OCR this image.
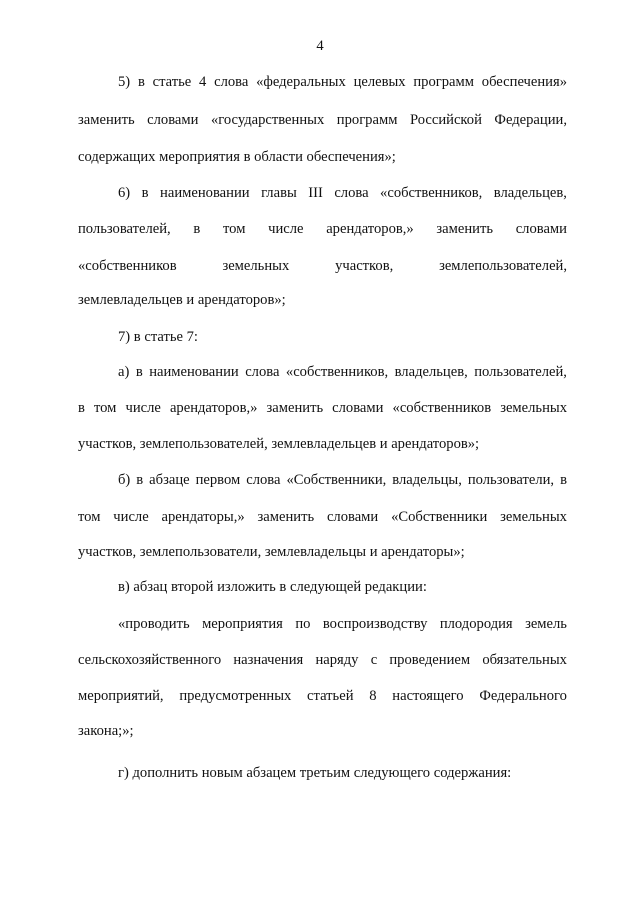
4
5) в статье 4 слова «федеральных целевых программ обеспечения»
заменить словами «государственных программ Российской Федерации,
содержащих мероприятия в области обеспечения»;
6) в наименовании главы III слова «собственников, владельцев,
пользователей, в том числе арендаторов,» заменить словами
«собственников	земельных	участков,	землепользователей,
землевладельцев и арендаторов»;
7) в статье 7:
а) в наименовании слова «собственников, владельцев, пользователей,
в том числе арендаторов,» заменить словами «собственников земельных
участков, землепользователей, землевладельцев и арендаторов»;
б) в абзаце первом слова «Собственники, владельцы, пользователи, в
том числе арендаторы,» заменить словами «Собственники земельных
участков, землепользователи, землевладельцы и арендаторы»;
в) абзац второй изложить в следующей редакции:
«проводить мероприятия по воспроизводству плодородия земель
сельскохозяйственного назначения наряду с проведением обязательных
мероприятий, предусмотренных статьей 8 настоящего Федерального
закона;»;
г) дополнить новым абзацем третьим следующего содержания:
